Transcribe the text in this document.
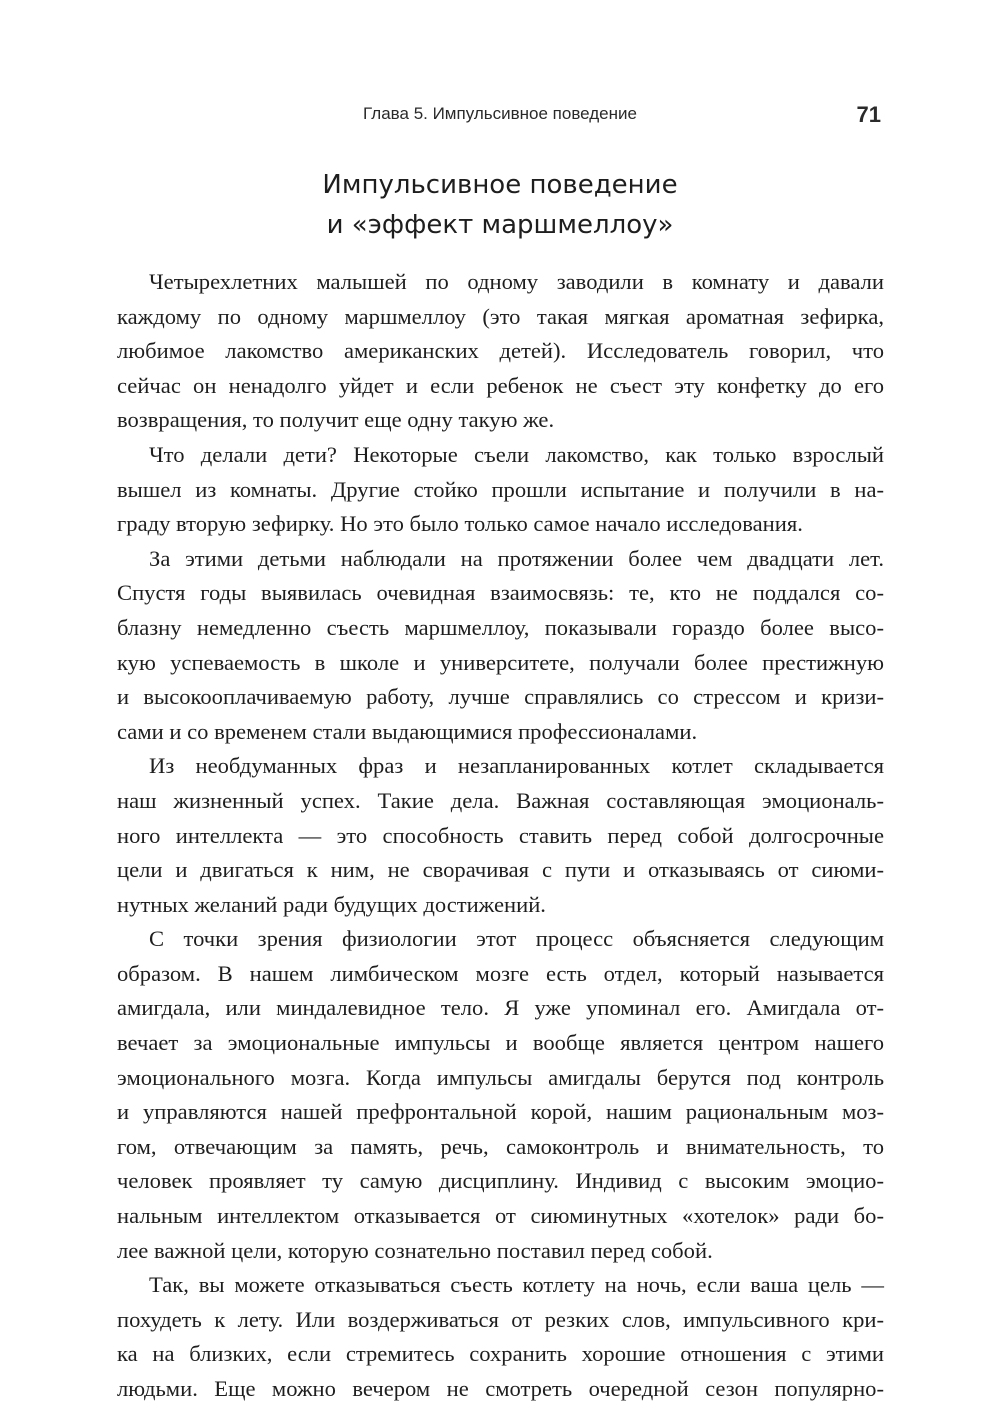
Глава 5. Импульсивное поведение	71
Импульсивное поведение
и «эффект маршмеллоу»
Четырехлетних малышей по одному заводили в комнату и давали
каждому по одному маршмеллоу (это такая мягкая ароматная зефирка,
любимое лакомство американских детей). Исследователь говорил, что
сейчас он ненадолго уйдет и если ребенок не съест эту конфетку до его
возвращения, то получит еще одну такую же.
Что делали дети? Некоторые съели лакомство, как только взрослый
вышел из комнаты. Другие стойко прошли испытание и получили в на-
граду вторую зефирку. Но это было только самое начало исследования.
За этими детьми наблюдали на протяжении более чем двадцати лет.
Спустя годы выявилась очевидная взаимосвязь: те, кто не поддался со-
блазну немедленно съесть маршмеллоу, показывали гораздо более высо-
кую успеваемость в школе и университете, получали более престижную
и высокооплачиваемую работу, лучше справлялись со стрессом и кризи-
сами и со временем стали выдающимися профессионалами.
Из необдуманных фраз и незапланированных котлет складывается
наш жизненный успех. Такие дела. Важная составляющая эмоциональ-
ного интеллекта — это способность ставить перед собой долгосрочные
цели и двигаться к ним, не сворачивая с пути и отказываясь от сиюми-
нутных желаний ради будущих достижений.
С точки зрения физиологии этот процесс объясняется следующим
образом. В нашем лимбическом мозге есть отдел, который называется
амигдала, или миндалевидное тело. Я уже упоминал его. Амигдала от-
вечает за эмоциональные импульсы и вообще является центром нашего
эмоционального мозга. Когда импульсы амигдалы берутся под контроль
и управляются нашей префронтальной корой, нашим рациональным моз-
гом, отвечающим за память, речь, самоконтроль и внимательность, то
человек проявляет ту самую дисциплину. Индивид с высоким эмоцио-
нальным интеллектом отказывается от сиюминутных «хотелок» ради бо-
лее важной цели, которую сознательно поставил перед собой.
Так, вы можете отказываться съесть котлету на ночь, если ваша цель —
похудеть к лету. Или воздерживаться от резких слов, импульсивного кри-
ка на близких, если стремитесь сохранить хорошие отношения с этими
людьми. Еще можно вечером не смотреть очередной сезон популярно-
